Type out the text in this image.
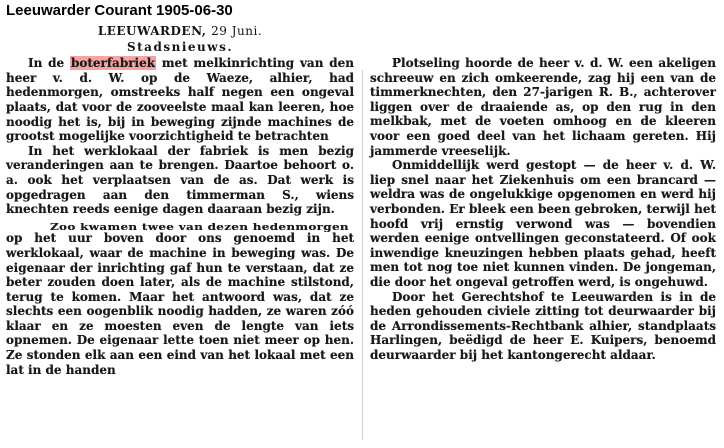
Leeuwarder Courant 1905-06-30
LEEUWARDEN, 29 Juni.
Stadsnieuws.

In de boterfabriek met melkinrichting van den heer v. d. W. op de Waeze, alhier, had hedenmorgen, omstreeks half negen een ongeval plaats, dat voor de zooveelste maal kan leeren, hoe noodig het is, bij in beweging zijnde machines de grootst mogelijke voorzichtigheid te betrachten

In het werklokaal der fabriek is men bezig veranderingen aan te brengen. Daartoe behoort o. a. ook het verplaatsen van de as. Dat werk is opgedragen aan den timmerman S., wiens knechten reeds eenige dagen daaraan bezig zijn.

Zoo kwamen twee van dezen hedenmorgen
op het uur boven door ons genoemd in het werklokaal, waar de machine in beweging was. De eigenaar der inrichting gaf hun te verstaan, dat ze beter zouden doen later, als de machine stilstond, terug te komen. Maar het antwoord was, dat ze slechts een oogenblik noodig hadden, ze waren zóó klaar en ze moesten even de lengte van iets opnemen. De eigenaar lette toen niet meer op hen. Ze stonden elk aan een eind van het lokaal met een lat in de handen

Plotseling hoorde de heer v. d. W. een akeligen schreeuw en zich omkeerende, zag hij een van de timmerknechten, den 27-jarigen R. B., achterover liggen over de draaiende as, op den rug in den melkbak, met de voeten omhoog en de kleeren voor een goed deel van het lichaam gereten. Hij jammerde vreeselijk.

Onmiddellijk werd gestopt — de heer v. d. W. liep snel naar het Ziekenhuis om een brancard — weldra was de ongelukkige opgenomen en werd hij verbonden. Er bleek een been gebroken, terwijl het hoofd vrij ernstig verwond was — bovendien werden eenige ontvellingen geconstateerd. Of ook inwendige kneuzingen hebben plaats gehad, heeft men tot nog toe niet kunnen vinden. De jongeman, die door het ongeval getroffen werd, is ongehuwd.

Door het Gerechtshof te Leeuwarden is in de heden gehouden civiele zitting tot deurwaarder bij de Arrondissements-Rechtbank alhier, standplaats Harlingen, beëdigd de heer E. Kuipers, benoemd deurwaarder bij het kantongerecht aldaar.
